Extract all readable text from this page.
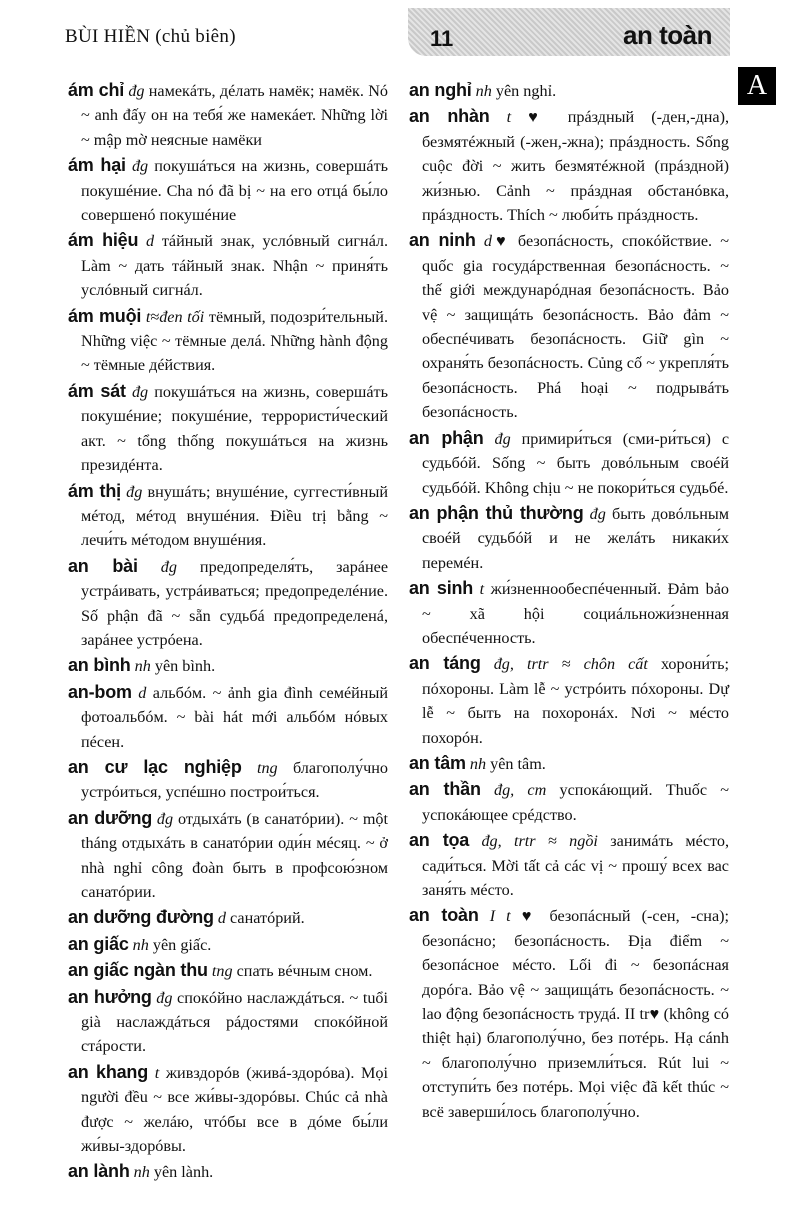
BÙI HIỀN (chủ biên)	11	an toàn
A

ám chỉ đg намекáть, дéлать намёк; намёк. Nó ~ anh đấy он на тебя́ же намекáет. Những lời ~ mập mờ неясные намёки

ám hại đg покушáться на жизнь, совершáть покушéние. Cha nó đã bị ~ на его отцá бы́ло совершенó покушéние

ám hiệu d тáйный знак, услóвный сигнáл. Làm ~ дать тáйный знак. Nhận ~ приня́ть услóвный сигнáл.

ám muội t≈đen tối тёмный, подозри́тельный. Những việc ~ тёмные делá. Những hành động ~ тёмные дéйствия.

ám sát đg покушáться на жизнь, совершáть покушéние; покушéние, террористи́ческий акт. ~ tổng thống покушáться на жизнь президéнта.

ám thị đg внушáть; внушéние, суггести́вный мéтод, мéтод внушéния. Điều trị bằng ~ лечи́ть мéтодом внушéния.

an bài đg предопределя́ть, зарáнее устрáивать, устрáиваться; предопределéние. Số phận đã ~ sẵn судьбá предопределенá, зарáнее устрóена.

an bình nh yên bình.

an-bom d альбóм. ~ ảnh gia đình семéйный фотоальбóм. ~ bài hát mới альбóм нóвых пéсен.

an cư lạc nghiệp tng благополу́чно устрóиться, успéшно построи́ться.

an dưỡng đg отдыхáть (в санатóрии). ~ một tháng отдыхáть в санатóрии оди́н мéсяц. ~ ở nhà nghỉ công đoàn быть в профсою́зном санатóрии.

an dưỡng đường d санатóрий.

an giấc nh yên giấc.

an giấc ngàn thu tng спать вéчным сном.

an hưởng đg спокóйно наслаждáться. ~ tuổi già наслаждáться рáдостями спокóйной стáрости.

an khang t живздорóв (живá-здорóва). Mọi người đều ~ все жи́вы-здорóвы. Chúc cả nhà được ~ желáю, чтóбы все в дóме бы́ли жи́вы-здорóвы.

an lành nh yên lành.

an nghỉ nh yên nghỉ.

an nhàn t ♥ прáздный (-ден,-дна), безмятéжный (-жен,-жна); прáздность. Sống cuộc đời ~ жить безмятéжной (прáздной) жи́знью. Cảnh ~ прáздная обстанóвка, прáздность. Thích ~ люби́ть прáздность.

an ninh d♥ безопáсность, спокóйствие. ~ quốc gia госудáрственная безопáсность. ~ thế giới междунарóдная безопáсность. Bảo vệ ~ защищáть безопáсность. Bảo đảm ~ обеспéчивать безопáсность. Giữ gìn ~ охраня́ть безопáсность. Củng cố ~ укрепля́ть безопáсность. Phá hoại ~ подрывáть безопáсность.

an phận đg примири́ться (сми-ри́ться) с судьбóй. Sống ~ быть довóльным своéй судьбóй. Không chịu ~ не покори́ться судьбé.

an phận thủ thường đg быть довóльным своéй судьбóй и не желáть никаки́х перемéн.

an sinh t жи́зненнообеспéченный. Đảm bảo ~ xã hội социáльножи́зненная обеспéченность.

an táng đg, trtr ≈ chôn cất хорони́ть; пóхороны. Làm lễ ~ устрóить пóхороны. Dự lễ ~ быть на похоронáх. Nơi ~ мéсто похорóн.

an tâm nh yên tâm.

an thần đg, cm успокáющий. Thuốc ~ успокáющее срéдство.

an tọa đg, trtr ≈ ngồi занимáть мéсто, сади́ться. Mời tất cả các vị ~ прошу́ всех вас заня́ть мéсто.

an toàn I t ♥ безопáсный (-сен, -сна); безопáсно; безопáсность. Địa điểm ~ безопáсное мéсто. Lối đi ~ безопáсная дорóга. Bảo vệ ~ защищáть безопáсность. ~ lao động безопáсность трудá. II tr♥ (không có thiệt hại) благополу́чно, без потéрь. Hạ cánh ~ благополу́чно приземли́ться. Rút lui ~ отступи́ть без потéрь. Mọi việc đã kết thúc ~ всё заверши́лось благополу́чно.
